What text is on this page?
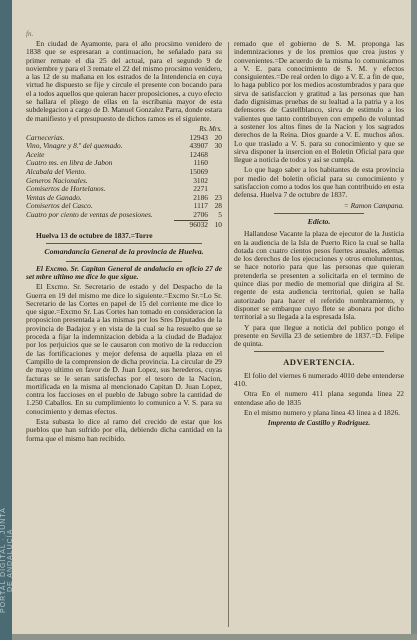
PORTAL DIGITAL · JUNTA DE ANDALUCÍA
fn.

En ciudad de Ayamonte, para el año procsimo venidero de 1838 que se espresaran a continuacion, he señalado para su primer remate el dia 25 del actual, para el segundo 9 de noviembre y para el 3 remate el 22 del mismo procsimo venidero, a las 12 de su mañana en los estrados de la Intendencia en cuya virtud he dispuesto se fije y circule el presente con bocando para el a todos aquellos que quieran hacer proposiciones, a cuyo efecto se hallara el pliego de ellas en la escribania mayor de esta subdelegacion a cargo de D. Manuel Gonzalez Parra, donde estara de manifiesto y el presupuesto de dichos ramos es el siguiente.

	Rs.	Mrs.
Carnecerias.	12943	20
Vino, Vinagre y 8.º del quemado.	43907	30
Aceite	12468	
Cuatro ms. en libra de Jabon	1160	
Alcabala del Viento.	15069	
Generos Nacionales.	3102	
Comisertos de Hortelanos.	2271	
Ventas de Ganado.	2186	23
Comisertos del Casco.	1117	28
Cuatro por ciento de ventas de posesiones.	2706	5
	96032	10

Huelva 13 de octubre de 1837.=Torre

Comandancia General de la provincia de Huelva.

El Excmo. Sr. Capitan General de andalucia en oficio 27 de set mbre ultimo me dice lo que sigue.

El Excmo. Sr. Secretario de estado y del Despacho de la Guerra en 19 del mismo me dice lo siguiente.=Excmo Sr.=Lo Sr. Secretario de las Cortes en papel de 15 del corriente me dice lo que sigue.=Excmo Sr. Las Cortes han tomado en consideracion la proposicion presentada a las mismas por los Sres Diputados de la provincia de Badajoz y en vista de la cual se ha resuelto que se proceda a fijar la indemnizacion debida a la ciudad de Badajoz por los perjuicios que se le causaron con motivo de la reduccion de las fortificaciones y mejor defensa de aquella plaza en el Campillo de la comprension de dicha provincia. La circular de 29 de mayo ultimo en favor de D. Juan Lopez, sus herederos, cuyas facturas se le seran satisfechas por el tesoro de la Nacion, mortificada en la misma al mencionado Capitan D. Juan Lopez, contra los faccioses en el pueblo de Jabugo sobre la cantidad de 1.250 Caballos. En su cumplimiento lo comunico a V. S. para su conocimiento y demas efectos.

Esta subasta lo dice al ramo del crecido de estar que los pueblos que han sufrido por ella, debiendo dicha cantidad en la forma que el mismo han recibido.

remado que el gobierno de S. M. proponga las indemnizaciones y de los premios que crea justos y convenientes.=De acuerdo de la misma lo comunicamos a V. E. para conocimiento de S. M. y efectos consiguientes.=De real orden lo digo a V. E. a fin de que, lo haga publico por los medios acostumbrados y para que sirva de satisfaccion y gratitud a las personas que han dado dignisimas pruebas de su lealtad a la patria y a los defensores de Castellblanco, sirva de estimulo a los valientes que tanto contribuyen con empeño de voluntad a sostener los altos fines de la Nacion y los sagrados derechos de la Reina. Dios guarde a V. E. muchos años. Lo que traslado a V. S. para su conocimiento y que se sirva disponer la insercion en el Boletin Oficial para que llegue a noticia de todos y asi se cumpla.

Lo que hago saber a los habitantes de esta provincia por medio del boletin oficial para su conocimiento y satisfaccion como a todos los que han contribuido en esta defensa. Huelva 7 de octubre de 1837.

= Ramon Campana.

Edicto.

Hallandose Vacante la plaza de ejecutor de la Justicia en la audiencia de la Isla de Puerto Rico la cual se halla dotada con cuatro cientos pesos fuertes anuales, ademas de los derechos de los ejecuciones y otros emolumentos, se hace notorio para que las personas que quieran pretenderla se presenten a solicitarla en el termino de quince dias por medio de memorial que dirigira al Sr. regente de esta audiencia territorial, quien se halla autorizado para hacer el referido nombramiento, y disponer se embarque cuyo flete se abonara por dicho territorial a su llegada a la espresada Isla.

Y para que llegue a noticia del publico pongo el presente en Sevilla 23 de setiembre de 1837.=D. Felipe de quinta.

ADVERTENCIA.

El folio del viernes 6 numerado 4010 debe entenderse 410.

Otra En el numero 411 plana segunda linea 22 entendase año de 1835

En el mismo numero y plana linea 43 linea a d 1826.

Imprenta de Castillo y Rodriguez.
